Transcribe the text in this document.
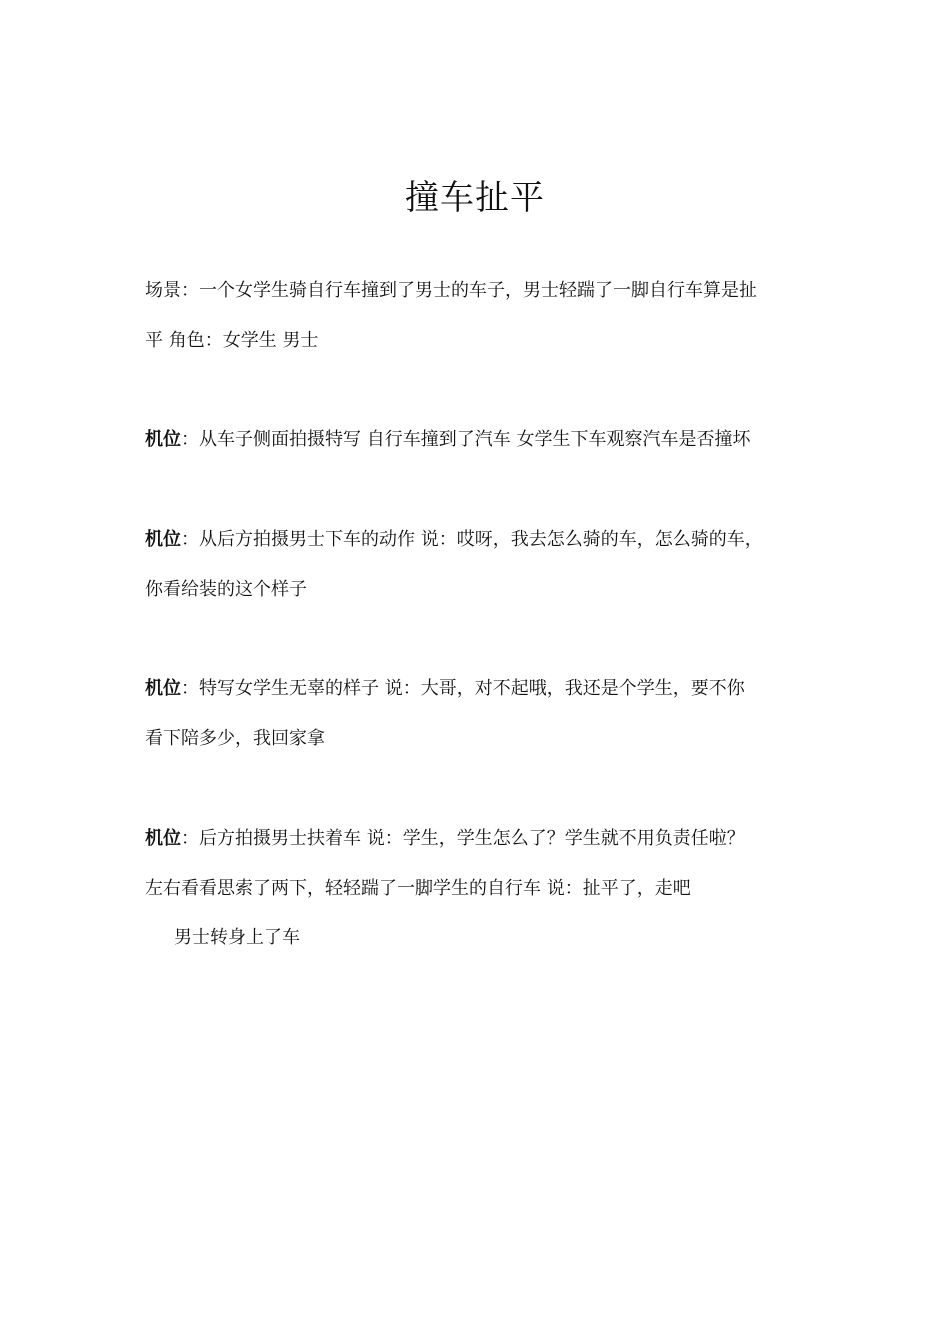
撞车扯平
场景：一个女学生骑自行车撞到了男士的车子，男士轻踹了一脚自行车算是扯
平 角色：女学生 男士
机位：从车子侧面拍摄特写 自行车撞到了汽车 女学生下车观察汽车是否撞坏
机位：从后方拍摄男士下车的动作 说：哎呀，我去怎么骑的车，怎么骑的车，
你看给装的这个样子
机位：特写女学生无辜的样子 说：大哥，对不起哦，我还是个学生，要不你
看下陪多少，我回家拿
机位：后方拍摄男士扶着车 说：学生，学生怎么了？学生就不用负责任啦？
左右看看思索了两下，轻轻踹了一脚学生的自行车 说：扯平了，走吧
男士转身上了车
